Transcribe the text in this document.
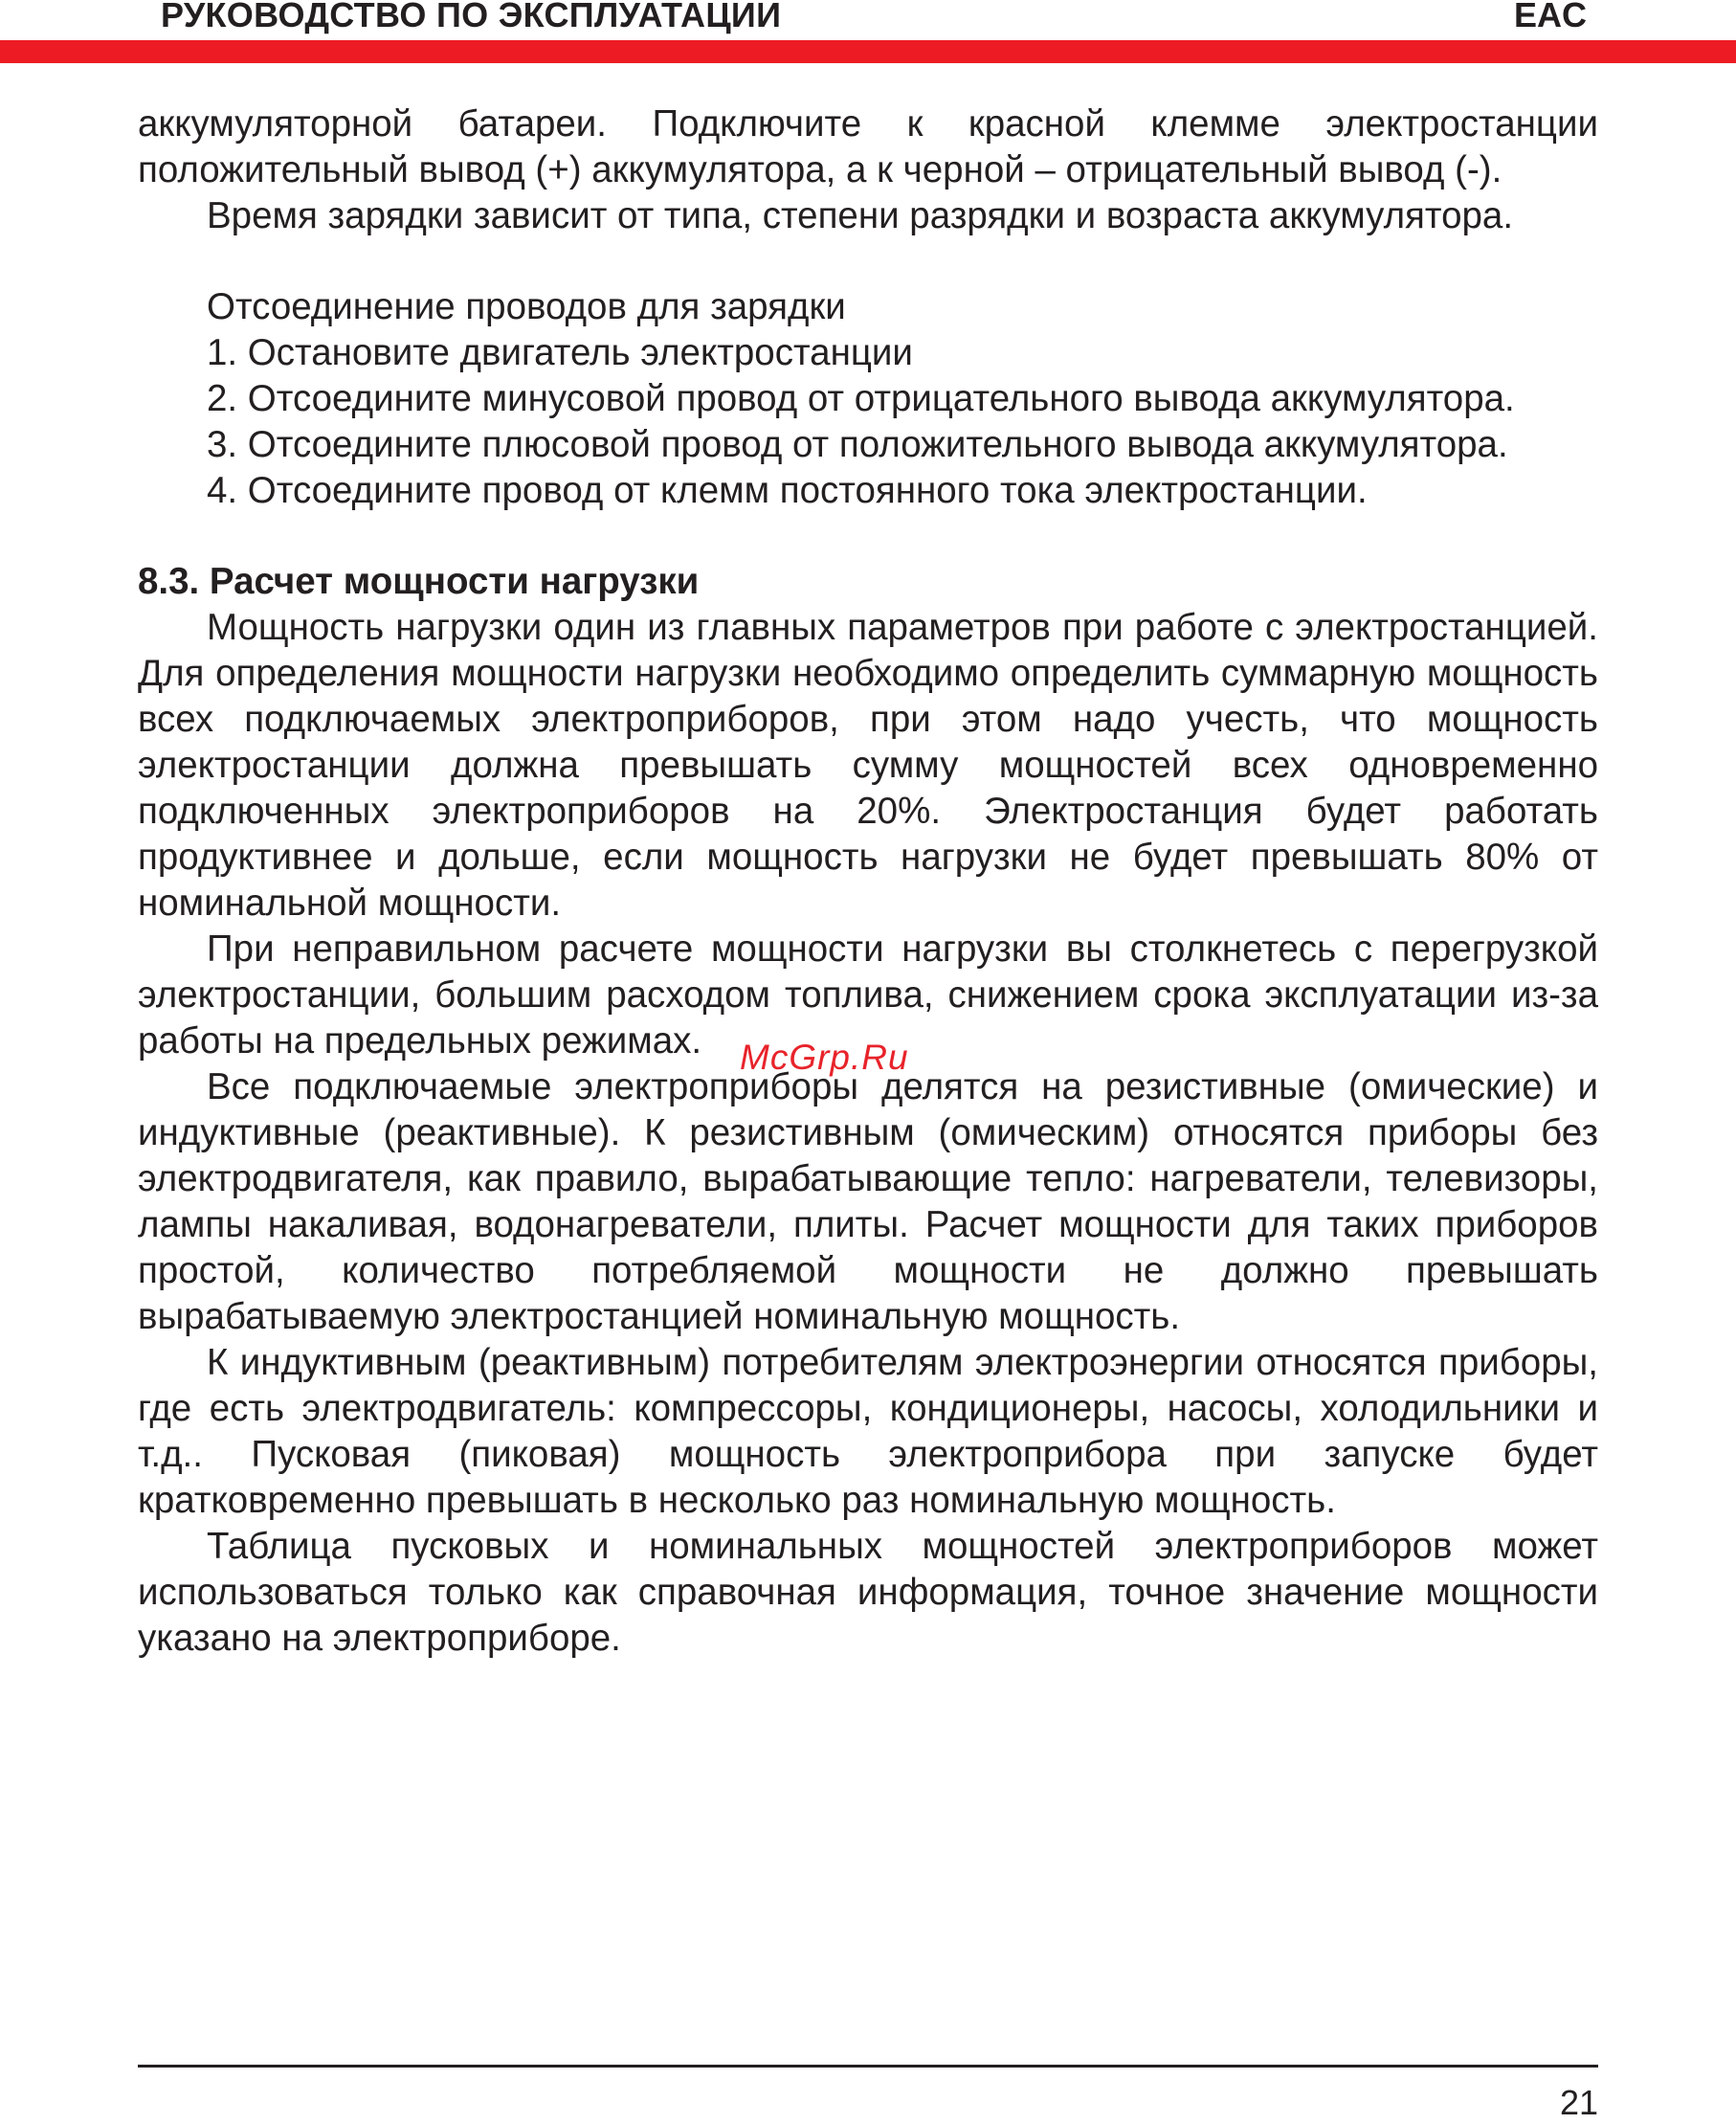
РУКОВОДСТВО ПО ЭКСПЛУАТАЦИИ	EAC

аккумуляторной батареи. Подключите к красной клемме электростанции положительный вывод (+) аккумулятора, а к черной – отрицательный вывод (-).

Время зарядки зависит от типа, степени разрядки и возраста аккумулятора.

Отсоединение проводов для зарядки

1. Остановите двигатель электростанции

2. Отсоедините минусовой провод от отрицательного вывода аккумулятора.

3. Отсоедините плюсовой провод от положительного вывода аккумулятора.

4. Отсоедините провод от клемм постоянного тока электростанции.

8.3. Расчет мощности нагрузки

Мощность нагрузки один из главных параметров при работе с электростанцией. Для определения мощности нагрузки необходимо определить суммарную мощность всех подключаемых электроприборов, при этом надо учесть, что мощность электростанции должна превышать сумму мощностей всех одновременно подключенных электроприборов на 20%. Электростанция будет работать продуктивнее и дольше, если мощность нагрузки не будет превышать 80% от номинальной мощности.

При неправильном расчете мощности нагрузки вы столкнетесь с перегрузкой электростанции, большим расходом топлива, снижением срока эксплуатации из-за работы на предельных режимах.

Все подключаемые электроприборы делятся на резистивные (омические) и индуктивные (реактивные). К резистивным (омическим) относятся приборы без электродвигателя, как правило, вырабатывающие тепло: нагреватели, телевизоры, лампы накаливая, водонагреватели, плиты. Расчет мощности для таких приборов простой, количество потребляемой мощности не должно превышать вырабатываемую электростанцией номинальную мощность.

К индуктивным (реактивным) потребителям электроэнергии относятся приборы, где есть электродвигатель: компрессоры, кондиционеры, насосы, холодильники и т.д.. Пусковая (пиковая) мощность электроприбора при запуске будет кратковременно превышать в несколько раз номинальную мощность.

Таблица пусковых и номинальных мощностей электроприборов может использоваться только как справочная информация, точное значение мощности указано на электроприборе.

McGrp.Ru
21
